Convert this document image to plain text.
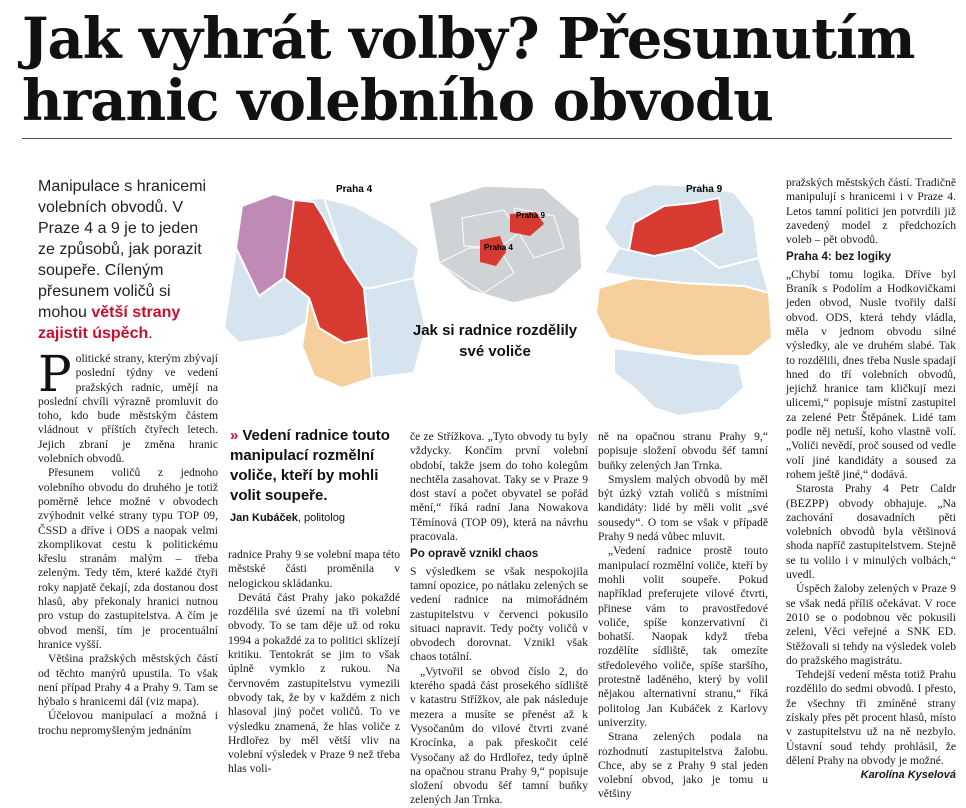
Jak vyhrát volby? Přesunutím hranic volebního obvodu
Manipulace s hranicemi volebních obvodů. V Praze 4 a 9 je to jeden ze způsobů, jak porazit soupeře. Cíleným přesunem voličů si mohou větší strany zajistit úspěch.
Praha 4
Praha 9
Praha 4
Praha 9
Jak si radnice rozdělily své voliče

Politické strany, kterým zbývají poslední týdny ve vedení pražských radnic, umějí na poslední chvíli výrazně promluvit do toho, kdo bude městským částem vládnout v příštích čtyřech letech. Jejich zbraní je změna hranic volebních obvodů.

Přesunem voličů z jednoho volebního obvodu do druhého je totiž poměrně lehce možné v obvodech zvýhodnit velké strany typu TOP 09, ČSSD a dříve i ODS a naopak velmi zkomplikovat cestu k politickému křeslu stranám malým – třeba zeleným. Tedy těm, které každé čtyři roky napjatě čekají, zda dostanou dost hlasů, aby překonaly hranici nutnou pro vstup do zastupitelstva. A čím je obvod menší, tím je procentuální hranice vyšší.

Většina pražských městských částí od těchto manýrů upustila. To však není případ Prahy 4 a Prahy 9. Tam se hýbalo s hranicemi dál (viz mapa).

Účelovou manipulací a možná i trochu nepromyšleným jednáním

» Vedení radnice touto manipulací rozmělní voliče, kteří by mohli volit soupeře.
Jan Kubáček, politolog

radnice Prahy 9 se volební mapa této městské části proměnila v nelogickou skládanku.

Devátá část Prahy jako pokaždé rozdělila své území na tři volební obvody. To se tam děje už od roku 1994 a pokaždé za to politici sklízejí kritiku. Tentokrát se jim to však úplně vymklo z rukou. Na červnovém zastupitelstvu vymezili obvody tak, že by v každém z nich hlasoval jiný počet voličů. To ve výsledku znamená, že hlas voliče z Hrdlořez by měl větší vliv na volební výsledek v Praze 9 než třeba hlas voli-

če ze Střížkova. „Tyto obvody tu byly vždycky. Končím první volební období, takže jsem do toho kolegům nechtěla zasahovat. Taky se v Praze 9 dost staví a počet obyvatel se pořád mění,“ říká radní Jana Nowakova Těmínová (TOP 09), která na návrhu pracovala.

Po opravě vznikl chaos

S výsledkem se však nespokojila tamní opozice, po nátlaku zelených se vedení radnice na mimořádném zastupitelstvu v červenci pokusilo situaci napravit. Tedy počty voličů v obvodech dorovnat. Vznikl však chaos totální.

„Vytvořil se obvod číslo 2, do kterého spadá část prosekého sídliště v katastru Střížkov, ale pak následuje mezera a musíte se přenést až k Vysočanům do vilové čtvrti zvané Krocínka, a pak přeskočit celé Vysočany až do Hrdlořez, tedy úplně na opačnou stranu Prahy 9,“ popisuje složení obvodu šéf tamní buňky zelených Jan Trnka.

ně na opačnou stranu Prahy 9,“ popisuje složení obvodu šéf tamní buňky zelených Jan Trnka.

Smyslem malých obvodů by měl být úzký vztah voličů s místními kandidáty: lidé by měli volit „své sousedy“. O tom se však v případě Prahy 9 nedá vůbec mluvit.

„Vedení radnice prostě touto manipulací rozmělní voliče, kteří by mohli volit soupeře. Pokud například preferujete vilové čtvrti, přinese vám to pravostředové voliče, spíše konzervativní či bohatší. Naopak když třeba rozdělíte sídliště, tak omezíte středolevého voliče, spíše staršího, protestně laděného, který by volil nějakou alternativní stranu,“ říká politolog Jan Kubáček z Karlovy univerzity.

Strana zelených podala na rozhodnutí zastupitelstva žalobu. Chce, aby se z Prahy 9 stal jeden volební obvod, jako je tomu u většiny

pražských městských částí. Tradičně manipulují s hranicemi i v Praze 4. Letos tamní politici jen potvrdili již zavedený model z předchozích voleb – pět obvodů.

Praha 4: bez logiky

„Chybí tomu logika. Dříve byl Braník s Podolím a Hodkovičkami jeden obvod, Nusle tvořily další obvod. ODS, která tehdy vládla, měla v jednom obvodu silné výsledky, ale ve druhém slabé. Tak to rozdělili, dnes třeba Nusle spadají hned do tří volebních obvodů, jejichž hranice tam kličkují mezi ulicemi,“ popisuje místní zastupitel za zelené Petr Štěpánek. Lidé tam podle něj netuší, koho vlastně volí. „Voliči nevědí, proč soused od vedle volí jiné kandidáty a soused za rohem ještě jiné,“ dodává.

Starosta Prahy 4 Petr Caldr (BEZPP) obvody obhajuje. „Na zachování dosavadních pěti volebních obvodů byla většinová shoda napříč zastupitelstvem. Stejně se tu volilo i v minulých volbách,“ uvedl.

Úspěch žaloby zelených v Praze 9 se však nedá příliš očekávat. V roce 2010 se o podobnou věc pokusili zeleni, Věci veřejné a SNK ED. Stěžovali si tehdy na výsledek voleb do pražského magistrátu.

Tehdejší vedení města totiž Prahu rozdělilo do sedmi obvodů. I přesto, že všechny tři zmíněné strany získaly přes pět procent hlasů, místo v zastupitelstvu už na ně nezbylo. Ústavní soud tehdy prohlásil, že dělení Prahy na obvody je možné.
Karolína Kyselová
